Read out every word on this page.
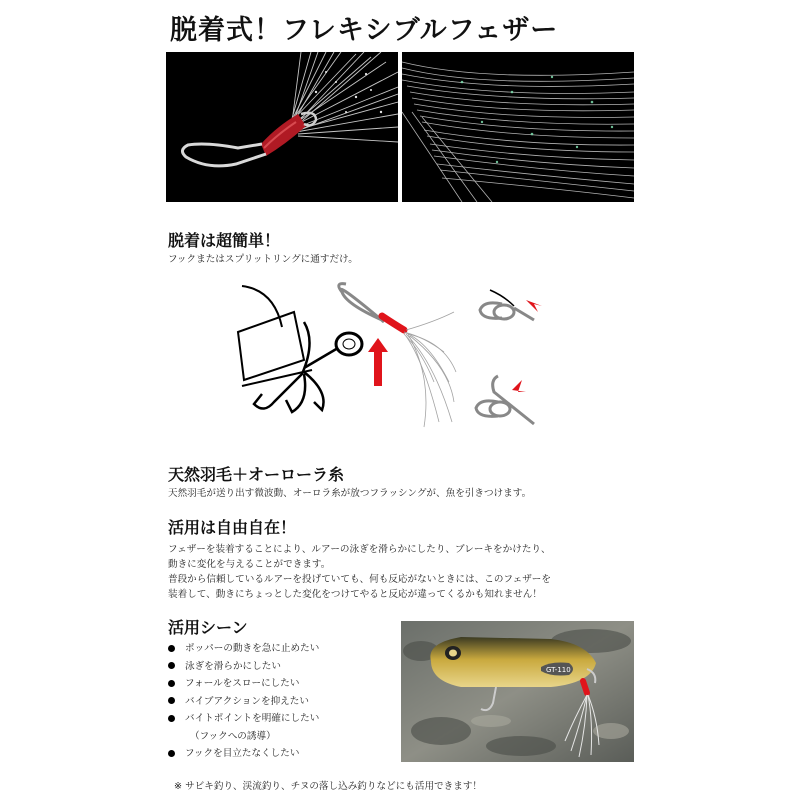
脱着式！フレキシブルフェザー
脱着は超簡単！
フックまたはスプリットリングに通すだけ。
天然羽毛＋オーローラ糸
天然羽毛が送り出す微波動、オーロラ糸が放つフラッシングが、魚を引きつけます。
活用は自由自在！
フェザーを装着することにより、ルアーの泳ぎを滑らかにしたり、ブレーキをかけたり、
動きに変化を与えることができます。
普段から信頼しているルアーを投げていても、何も反応がないときには、このフェザーを
装着して、動きにちょっとした変化をつけてやると反応が違ってくるかも知れません！
活用シーン
ポッパーの動きを急に止めたい
泳ぎを滑らかにしたい
フォールをスローにしたい
バイブアクションを抑えたい
バイトポイントを明確にしたい
（フックへの誘導）
フックを目立たなくしたい
GT-110
※ サビキ釣り、渓流釣り、チヌの落し込み釣りなどにも活用できます！
